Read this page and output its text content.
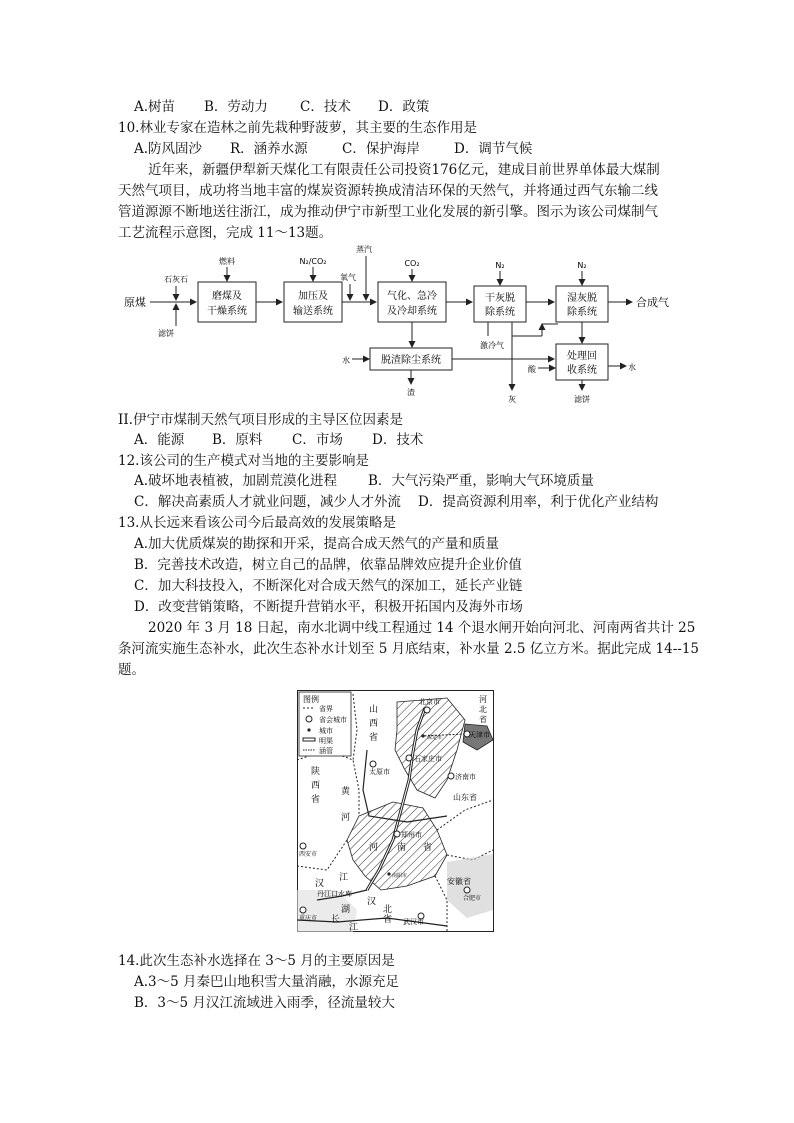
A.树苗 B．劳动力 C．技术 D．政策
10.林业专家在造林之前先栽种野菠萝，其主要的生态作用是
A.防风固沙 R．涵养水源	C．保护海岸	D．调节气候
近年来，新疆伊犁新天煤化工有限责任公司投资176亿元，建成目前世界单体最大煤制
天然气项目，成功将当地丰富的煤炭资源转换成清洁环保的天然气，并将通过西气东输二线
管道源源不断地送往浙江，成为推动伊宁市新型工业化发展的新引擎。图示为该公司煤制气
工艺流程示意图，完成 11～13题。
原煤
石灰石
滤饼
磨煤及
干燥系统
燃料
加压及
输送系统
N₂/CO₂
氧气
蒸汽
气化、急冷
及冷却系统
CO₂
干灰脱
除系统
N₂
湿灰脱
除系统
N₂
合成气
脱渣除尘系统
水
渣
处理回
收系统
酸	水
滤饼
激冷气
灰
II.伊宁市煤制天然气项目形成的主导区位因素是
A．能源 B．原料 C．市场 D．技术
12.该公司的生产模式对当地的主要影响是
A.破坏地表植被，加剧荒漠化进程 B．大气污染严重，影响大气环境质量
C．解决高素质人才就业问题，减少人才外流 D．提高资源利用率，利于优化产业结构
13.从长远来看该公司今后最高效的发展策略是
A.加大优质煤炭的勘探和开采，提高合成天然气的产量和质量
B．完善技术改造，树立自己的品牌，依靠品牌效应提升企业价值
C．加大科技投入，不断深化对合成天然气的深加工，延长产业链
D．改变营销策略，不断提升营销水平，积极开拓国内及海外市场
2020 年 3 月 18 日起，南水北调中线工程通过 14 个退水闸开始向河北、河南两省共计 25
条河流实施生态补水，此次生态补水计划至 5 月底结束，补水量 2.5 亿立方米。据此完成 14--15
题。
图例
省界
省会城市
城市
明渠
涵管
北京市	河
北
省
天津市
保定市
山
西
省
太原市
石家庄市
陕
西
省
黄
河
济南市
山东省
郑州市
西安市
河 南 省
南阳市
安徽省
合肥市
汉
江
丹江口水库
湖	北
省
汉
重庆市	武汉市
长
江
14.此次生态补水选择在 3～5 月的主要原因是
A.3～5 月秦巴山地积雪大量消融，水源充足
B．3～5 月汉江流域进入雨季，径流量较大
